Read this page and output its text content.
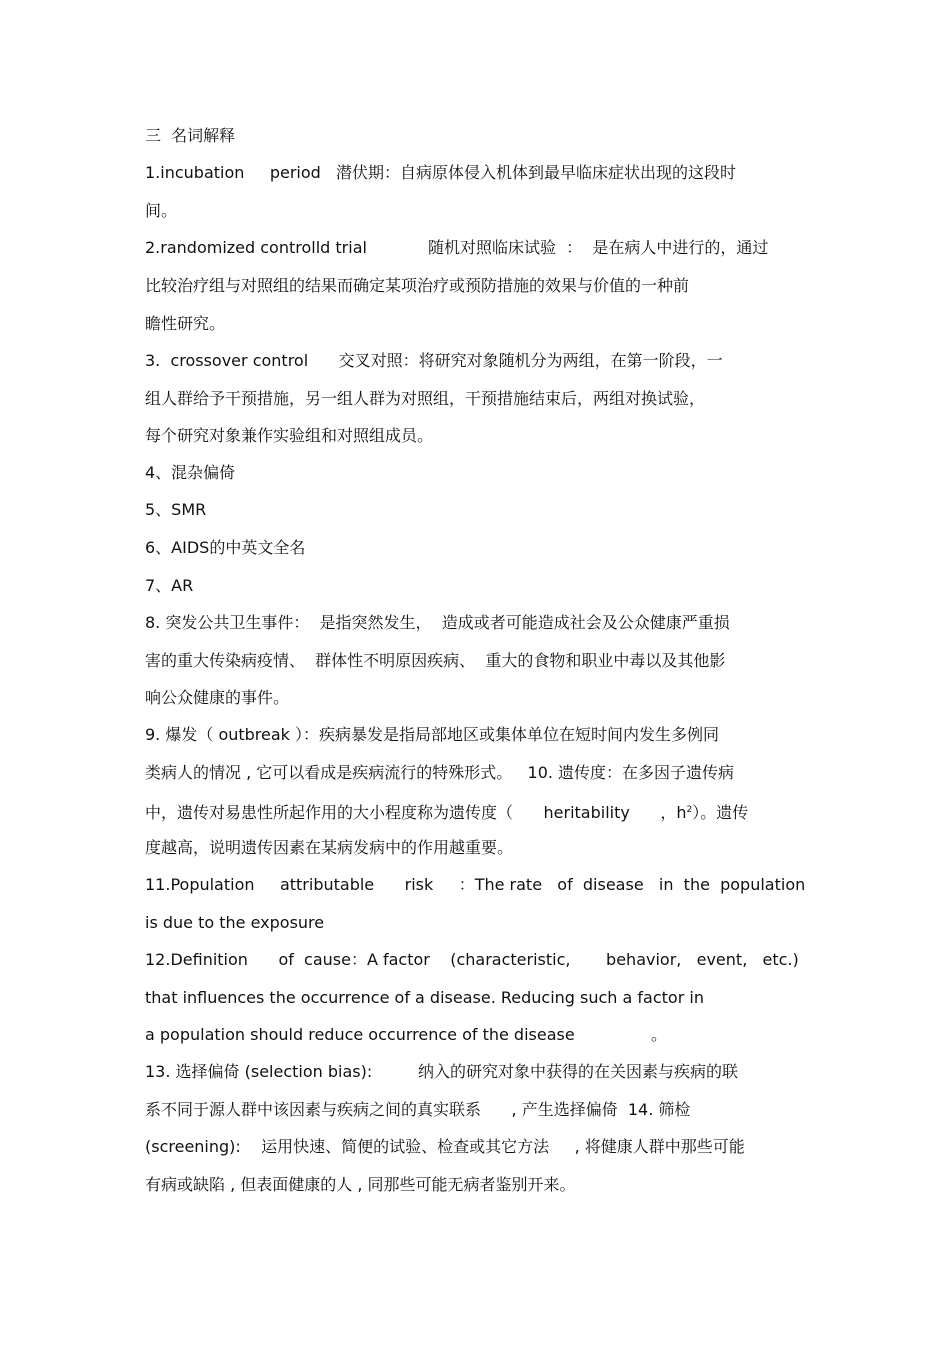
三  名词解释
1.incubation     period   潜伏期：自病原体侵入机体到最早临床症状出现的这段时
间。
2.randomized controlld trial            随机对照临床试验  ：  是在病人中进行的，通过
比较治疗组与对照组的结果而确定某项治疗或预防措施的效果与价值的一种前
瞻性研究。
3.  crossover control      交叉对照：将研究对象随机分为两组，在第一阶段，一
组人群给予干预措施，另一组人群为对照组，干预措施结束后，两组对换试验，
每个研究对象兼作实验组和对照组成员。
4、混杂偏倚
5、SMR
6、AIDS的中英文全名
7、AR
8. 突发公共卫生事件：  是指突然发生，  造成或者可能造成社会及公众健康严重损
害的重大传染病疫情、  群体性不明原因疾病、  重大的食物和职业中毒以及其他影
响公众健康的事件。
9. 爆发（ outbreak ）：疾病暴发是指局部地区或集体单位在短时间内发生多例同
类病人的情况 , 它可以看成是疾病流行的特殊形式。   10. 遗传度：在多因子遗传病
中，遗传对易患性所起作用的大小程度称为遗传度（      heritability      ，$h^2$）。遗传
度越高，说明遗传因素在某病发病中的作用越重要。
11.Population     attributable      risk     ：The rate   of  disease   in  the  population
is due to the exposure
12.Definition      of  cause：A factor    (characteristic,       behavior,   event,   etc.)
that influences the occurrence of a disease. Reducing such a factor in
a population should reduce occurrence of the disease               。
13. 选择偏倚 (selection bias):         纳入的研究对象中获得的在关因素与疾病的联
系不同于源人群中该因素与疾病之间的真实联系      , 产生选择偏倚  14. 筛检
(screening):    运用快速、简便的试验、检查或其它方法     , 将健康人群中那些可能
有病或缺陷 , 但表面健康的人 , 同那些可能无病者鉴别开来。
